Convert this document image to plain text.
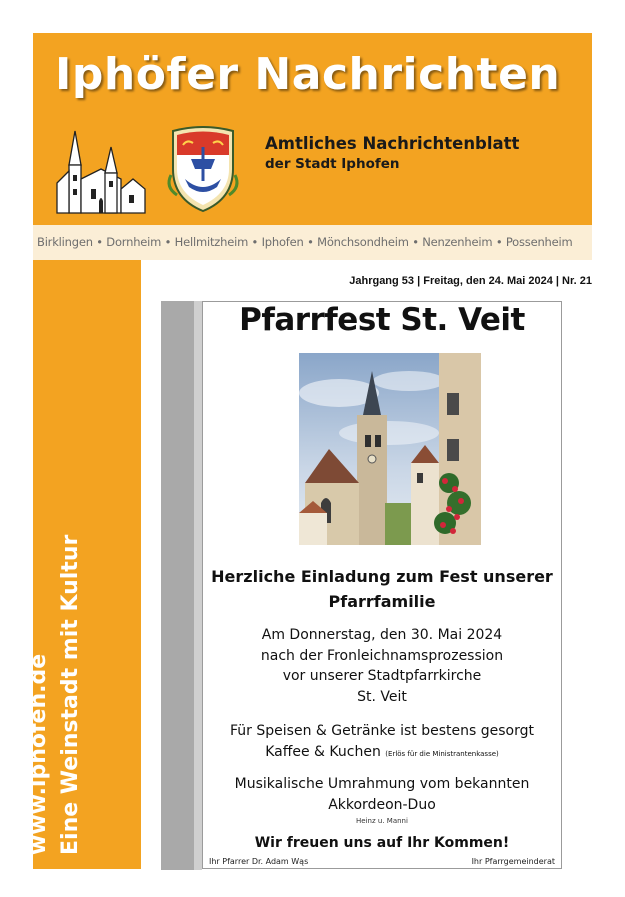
Iphöfer Nachrichten
Amtliches Nachrichtenblatt
der Stadt Iphofen
Birklingen • Dornheim • Hellmitzheim • Iphofen • Mönchsondheim • Nenzenheim • Possenheim
www.iphofen.de Eine Weinstadt mit Kultur
Jahrgang 53 | Freitag, den 24. Mai 2024 | Nr. 21
Pfarrfest St. Veit
Herzliche Einladung zum Fest unserer
Pfarrfamilie
Am Donnerstag, den 30. Mai 2024
nach der Fronleichnamsprozession
vor unserer Stadtpfarrkirche
St. Veit
Für Speisen & Getränke ist bestens gesorgt
Kaffee & Kuchen (Erlös für die Ministrantenkasse)
Musikalische Umrahmung vom bekannten
Akkordeon-Duo
Heinz u. Manni
Wir freuen uns auf Ihr Kommen!
Ihr Pfarrer Dr. Adam Wąs	Ihr Pfarrgemeinderat
